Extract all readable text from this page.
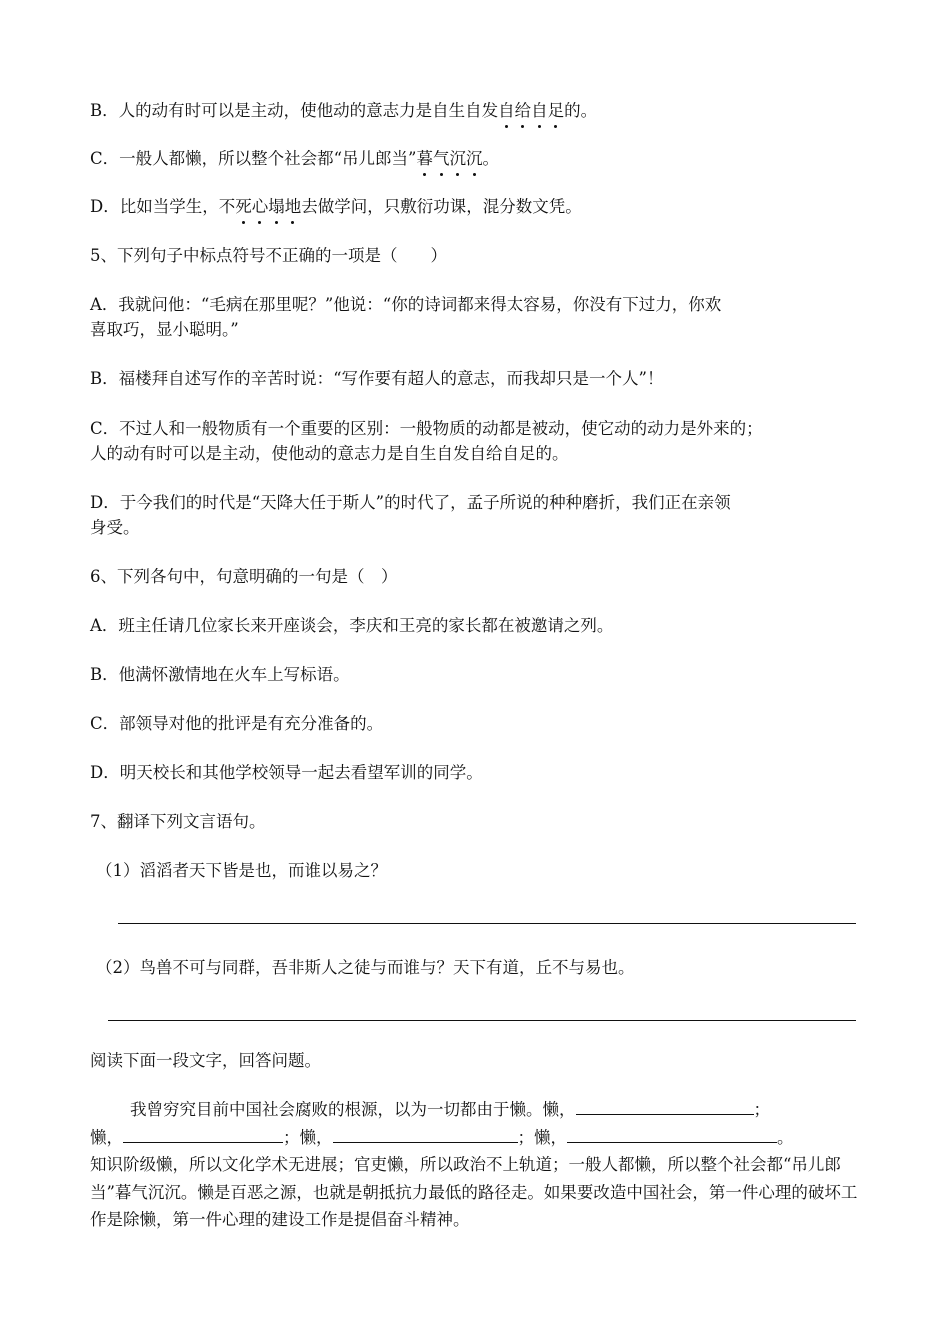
B．人的动有时可以是主动，使他动的意志力是自生自发自给自足的。
C．一般人都懒，所以整个社会都“吊儿郎当”暮气沉沉。
D．比如当学生，不死心塌地去做学问，只敷衍功课，混分数文凭。
5、下列句子中标点符号不正确的一项是（　　）
A．我就问他：“毛病在那里呢？”他说：“你的诗词都来得太容易，你没有下过力，你欢
喜取巧，显小聪明。”
B．福楼拜自述写作的辛苦时说：“写作要有超人的意志，而我却只是一个人”！
C．不过人和一般物质有一个重要的区别：一般物质的动都是被动，使它动的动力是外来的；
人的动有时可以是主动，使他动的意志力是自生自发自给自足的。
D．于今我们的时代是“天降大任于斯人”的时代了，孟子所说的种种磨折，我们正在亲领
身受。
6、下列各句中，句意明确的一句是（　）
A．班主任请几位家长来开座谈会，李庆和王亮的家长都在被邀请之列。
B．他满怀激情地在火车上写标语。
C．部领导对他的批评是有充分准备的。
D．明天校长和其他学校领导一起去看望军训的同学。
7、翻译下列文言语句。
（1）滔滔者天下皆是也，而谁以易之？
（2）鸟兽不可与同群，吾非斯人之徒与而谁与？天下有道，丘不与易也。
阅读下面一段文字，回答问题。
我曾穷究目前中国社会腐败的根源，以为一切都由于懒。懒，	；
懒，	；懒，	；懒，	。
知识阶级懒，所以文化学术无进展；官吏懒，所以政治不上轨道；一般人都懒，所以整个社会都“吊儿郎当”暮气沉沉。懒是百恶之源，也就是朝抵抗力最低的路径走。如果要改造中国社会，第一件心理的破坏工作是除懒，第一件心理的建设工作是提倡奋斗精神。
